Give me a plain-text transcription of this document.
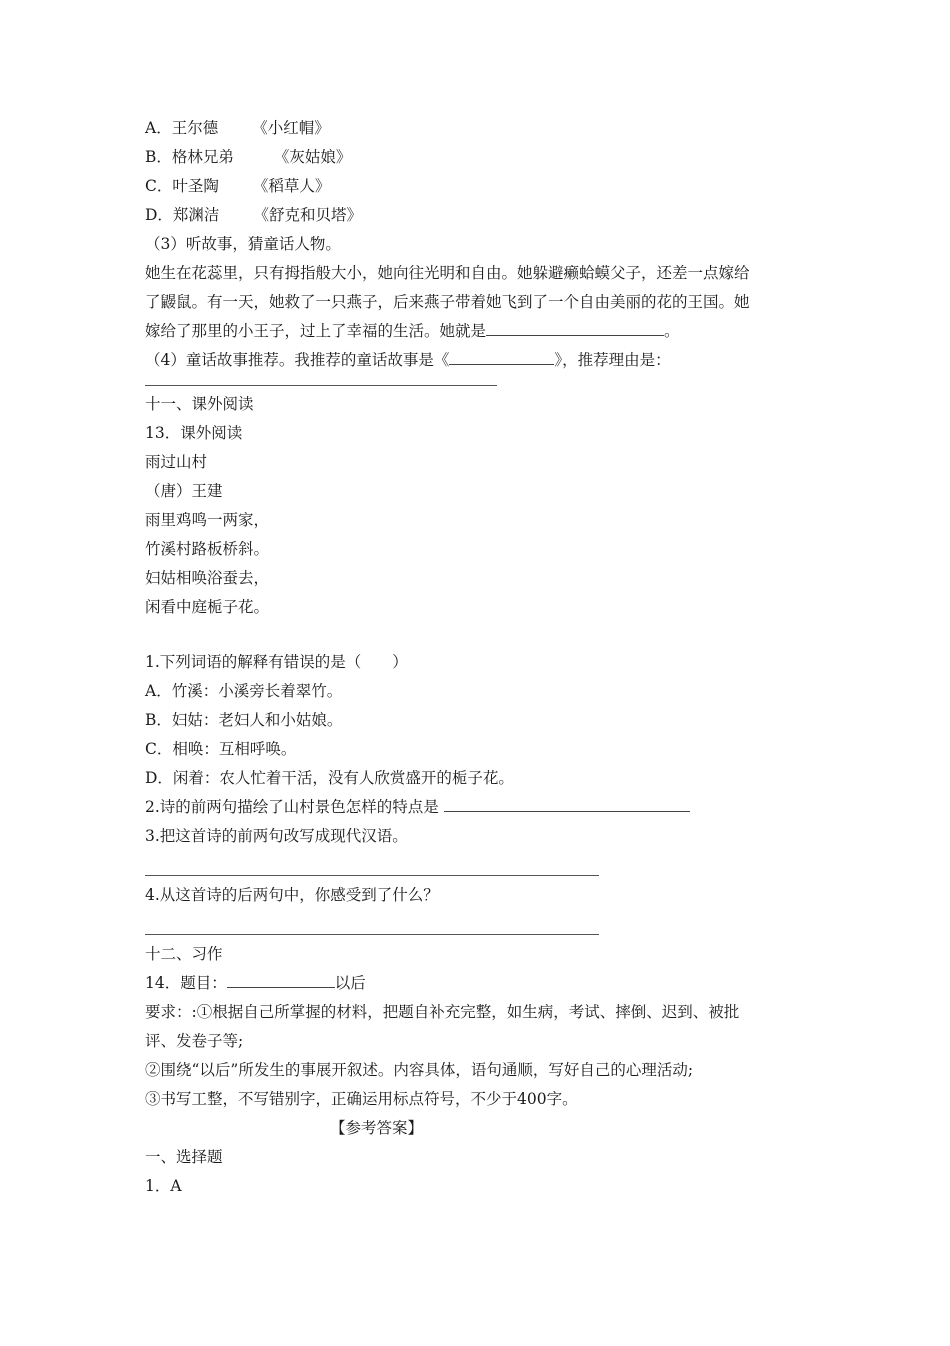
A．王尔德 《小红帽》
B．格林兄弟	《灰姑娘》
C．叶圣陶 《稻草人》
D．郑渊洁 《舒克和贝塔》
（3）听故事，猜童话人物。
她生在花蕊里，只有拇指般大小，她向往光明和自由。她躲避癞蛤蟆父子，还差一点嫁给
了鼹鼠。有一天，她救了一只燕子，后来燕子带着她飞到了一个自由美丽的花的王国。她
嫁给了那里的小王子，过上了幸福的生活。她就是	。
（4）童话故事推荐。我推荐的童话故事是《	》，推荐理由是：
十一、课外阅读
13．课外阅读
雨过山村
（唐）王建
雨里鸡鸣一两家，
竹溪村路板桥斜。
妇姑相唤浴蚕去，
闲看中庭栀子花。
1.下列词语的解释有错误的是（　　）
A．竹溪：小溪旁长着翠竹。
B．妇姑：老妇人和小姑娘。
C．相唤：互相呼唤。
D．闲着：农人忙着干活，没有人欣赏盛开的栀子花。
2.诗的前两句描绘了山村景色怎样的特点是
3.把这首诗的前两句改写成现代汉语。
4.从这首诗的后两句中，你感受到了什么？
十二、习作
14．题目：	以后
要求：:①根据自己所掌握的材料，把题自补充完整，如生病，考试、摔倒、迟到、被批
评、发卷子等;
②围绕“以后”所发生的事展开叙述。内容具体，语句通顺，写好自己的心理活动;
③书写工整，不写错别字，正确运用标点符号，不少于400字。
【参考答案】
一、选择题
1．A
